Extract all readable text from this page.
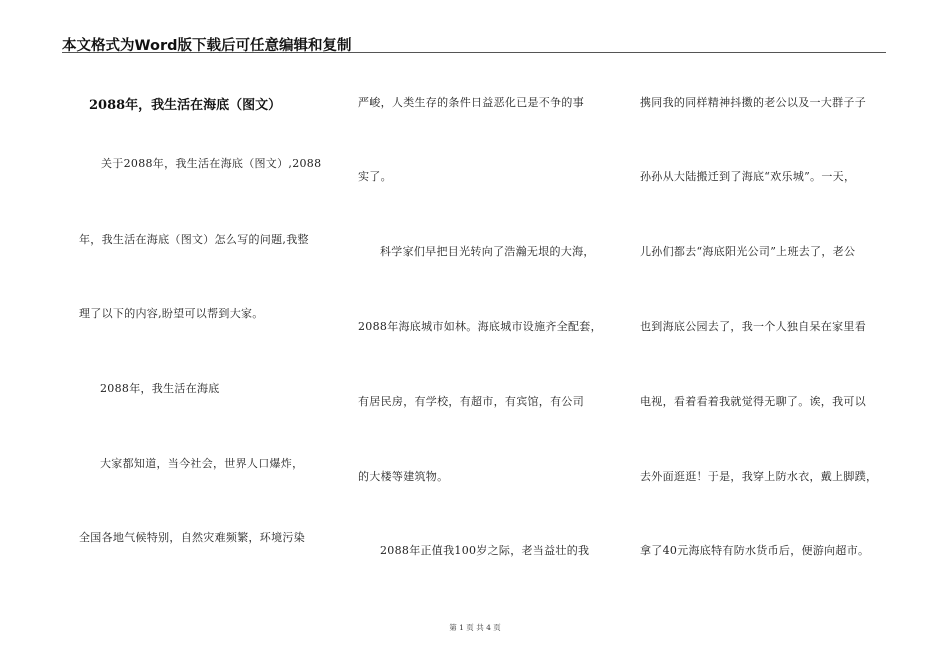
本文格式为Word版下载后可任意编辑和复制
2088年，我生活在海底（图文）
关于2088年，我生活在海底（图文）,2088
年，我生活在海底（图文）怎么写的问题,我整
理了以下的内容,盼望可以帮到大家。
2088年，我生活在海底
大家都知道，当今社会，世界人口爆炸，
全国各地气候特别，自然灾难频繁，环境污染
严峻，人类生存的条件日益恶化已是不争的事
实了。
科学家们早把目光转向了浩瀚无垠的大海，
2088年海底城市如林。海底城市设施齐全配套，
有居民房，有学校，有超市，有宾馆，有公司
的大楼等建筑物。
2088年正值我100岁之际，老当益壮的我
携同我的同样精神抖擞的老公以及一大群子子
孙孙从大陆搬迁到了海底“欢乐城”。一天，
儿孙们都去“海底阳光公司”上班去了，老公
也到海底公园去了，我一个人独自呆在家里看
电视，看着看着我就觉得无聊了。诶，我可以
去外面逛逛！于是，我穿上防水衣，戴上脚蹼，
拿了40元海底特有防水货币后，便游向超市。
第 1 页 共 4 页
